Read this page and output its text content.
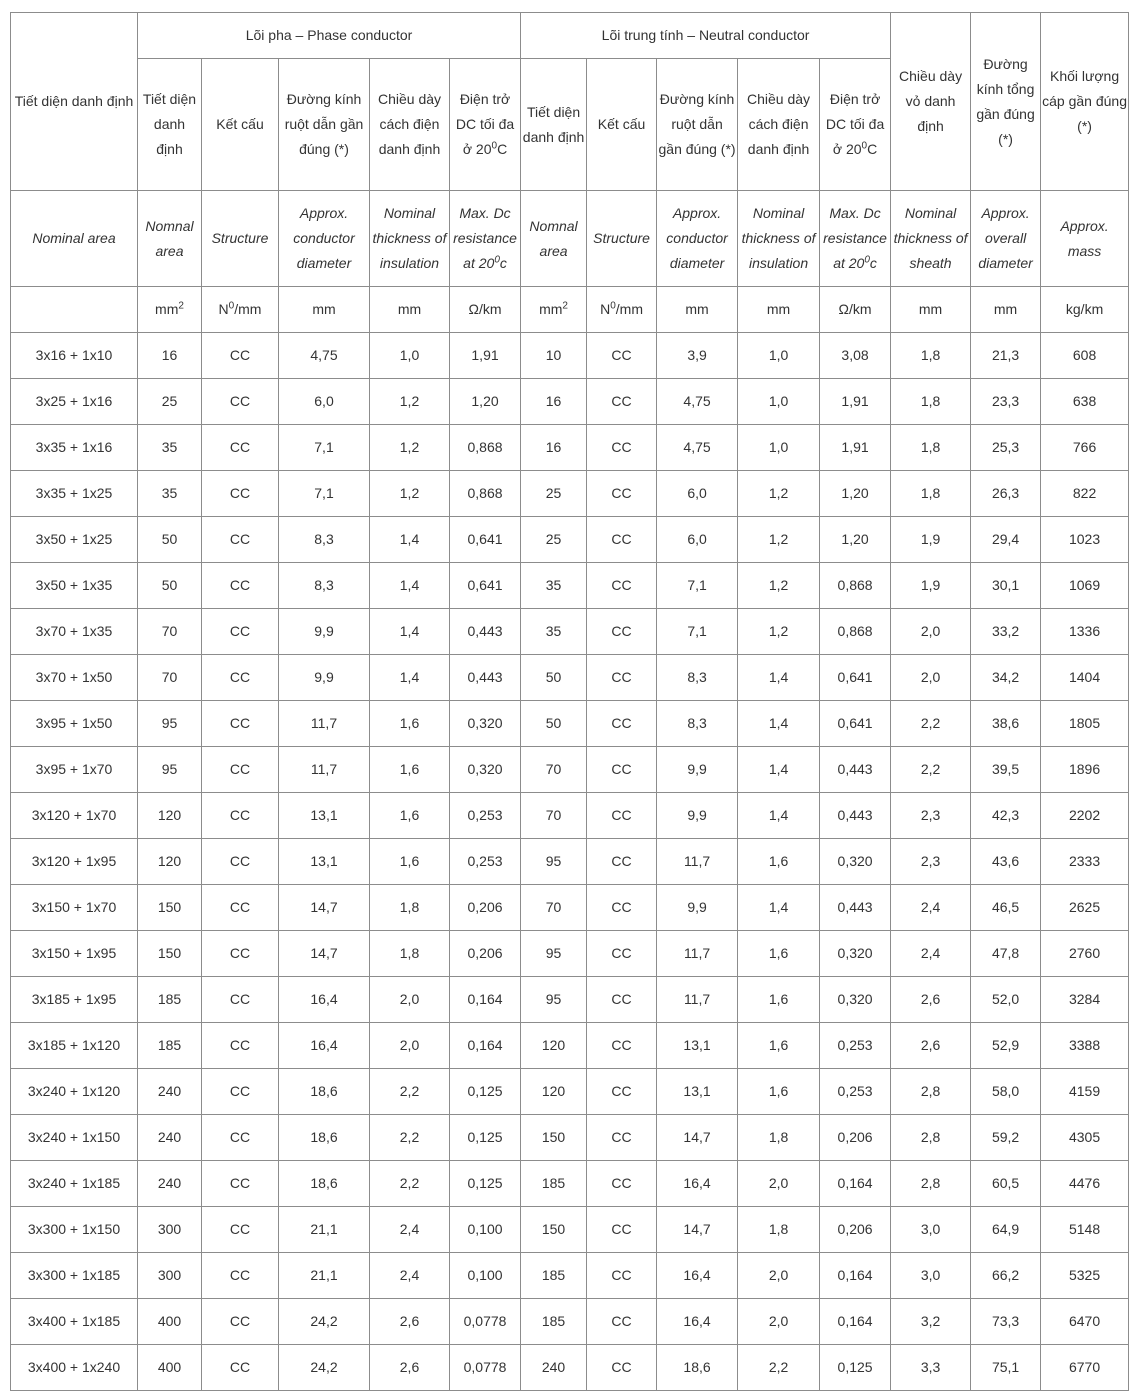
Tiết diện danh định	Lõi pha – Phase conductor					Lõi trung tính – Neutral conductor					Chiều dày vỏ danh định	Đường kính tổng gần đúng (*)	Khối lượng cáp gần đúng (*)
	Tiết diện danh định	Kết cấu	Đường kính ruột dẫn gần đúng (*)	Chiều dày cách điện danh định	Điện trở DC tối đa ở $20^0C$	Tiết diện danh định	Kết cấu	Đường kính ruột dẫn gần đúng (*)	Chiều dày cách điện danh định	Điện trở DC tối đa ở $20^0C$			
Nominal area	Nomnal area	Structure	Approx. conductor diameter	Nominal thickness of insulation	Max. Dc resistance at $20^0c$	Nomnal area	Structure	Approx. conductor diameter	Nominal thickness of insulation	Max. Dc resistance at $20^0c$	Nominal thickness of sheath	Approx. overall diameter	Approx. mass
	$mm^2$	$N^0/mm$	mm	mm	Ω/km	$mm^2$	$N^0/mm$	mm	mm	Ω/km	mm	mm	kg/km
3x16 + 1x10	16	CC	4,75	1,0	1,91	10	CC	3,9	1,0	3,08	1,8	21,3	608
3x25 + 1x16	25	CC	6,0	1,2	1,20	16	CC	4,75	1,0	1,91	1,8	23,3	638
3x35 + 1x16	35	CC	7,1	1,2	0,868	16	CC	4,75	1,0	1,91	1,8	25,3	766
3x35 + 1x25	35	CC	7,1	1,2	0,868	25	CC	6,0	1,2	1,20	1,8	26,3	822
3x50 + 1x25	50	CC	8,3	1,4	0,641	25	CC	6,0	1,2	1,20	1,9	29,4	1023
3x50 + 1x35	50	CC	8,3	1,4	0,641	35	CC	7,1	1,2	0,868	1,9	30,1	1069
3x70 + 1x35	70	CC	9,9	1,4	0,443	35	CC	7,1	1,2	0,868	2,0	33,2	1336
3x70 + 1x50	70	CC	9,9	1,4	0,443	50	CC	8,3	1,4	0,641	2,0	34,2	1404
3x95 + 1x50	95	CC	11,7	1,6	0,320	50	CC	8,3	1,4	0,641	2,2	38,6	1805
3x95 + 1x70	95	CC	11,7	1,6	0,320	70	CC	9,9	1,4	0,443	2,2	39,5	1896
3x120 + 1x70	120	CC	13,1	1,6	0,253	70	CC	9,9	1,4	0,443	2,3	42,3	2202
3x120 + 1x95	120	CC	13,1	1,6	0,253	95	CC	11,7	1,6	0,320	2,3	43,6	2333
3x150 + 1x70	150	CC	14,7	1,8	0,206	70	CC	9,9	1,4	0,443	2,4	46,5	2625
3x150 + 1x95	150	CC	14,7	1,8	0,206	95	CC	11,7	1,6	0,320	2,4	47,8	2760
3x185 + 1x95	185	CC	16,4	2,0	0,164	95	CC	11,7	1,6	0,320	2,6	52,0	3284
3x185 + 1x120	185	CC	16,4	2,0	0,164	120	CC	13,1	1,6	0,253	2,6	52,9	3388
3x240 + 1x120	240	CC	18,6	2,2	0,125	120	CC	13,1	1,6	0,253	2,8	58,0	4159
3x240 + 1x150	240	CC	18,6	2,2	0,125	150	CC	14,7	1,8	0,206	2,8	59,2	4305
3x240 + 1x185	240	CC	18,6	2,2	0,125	185	CC	16,4	2,0	0,164	2,8	60,5	4476
3x300 + 1x150	300	CC	21,1	2,4	0,100	150	CC	14,7	1,8	0,206	3,0	64,9	5148
3x300 + 1x185	300	CC	21,1	2,4	0,100	185	CC	16,4	2,0	0,164	3,0	66,2	5325
3x400 + 1x185	400	CC	24,2	2,6	0,0778	185	CC	16,4	2,0	0,164	3,2	73,3	6470
3x400 + 1x240	400	CC	24,2	2,6	0,0778	240	CC	18,6	2,2	0,125	3,3	75,1	6770
